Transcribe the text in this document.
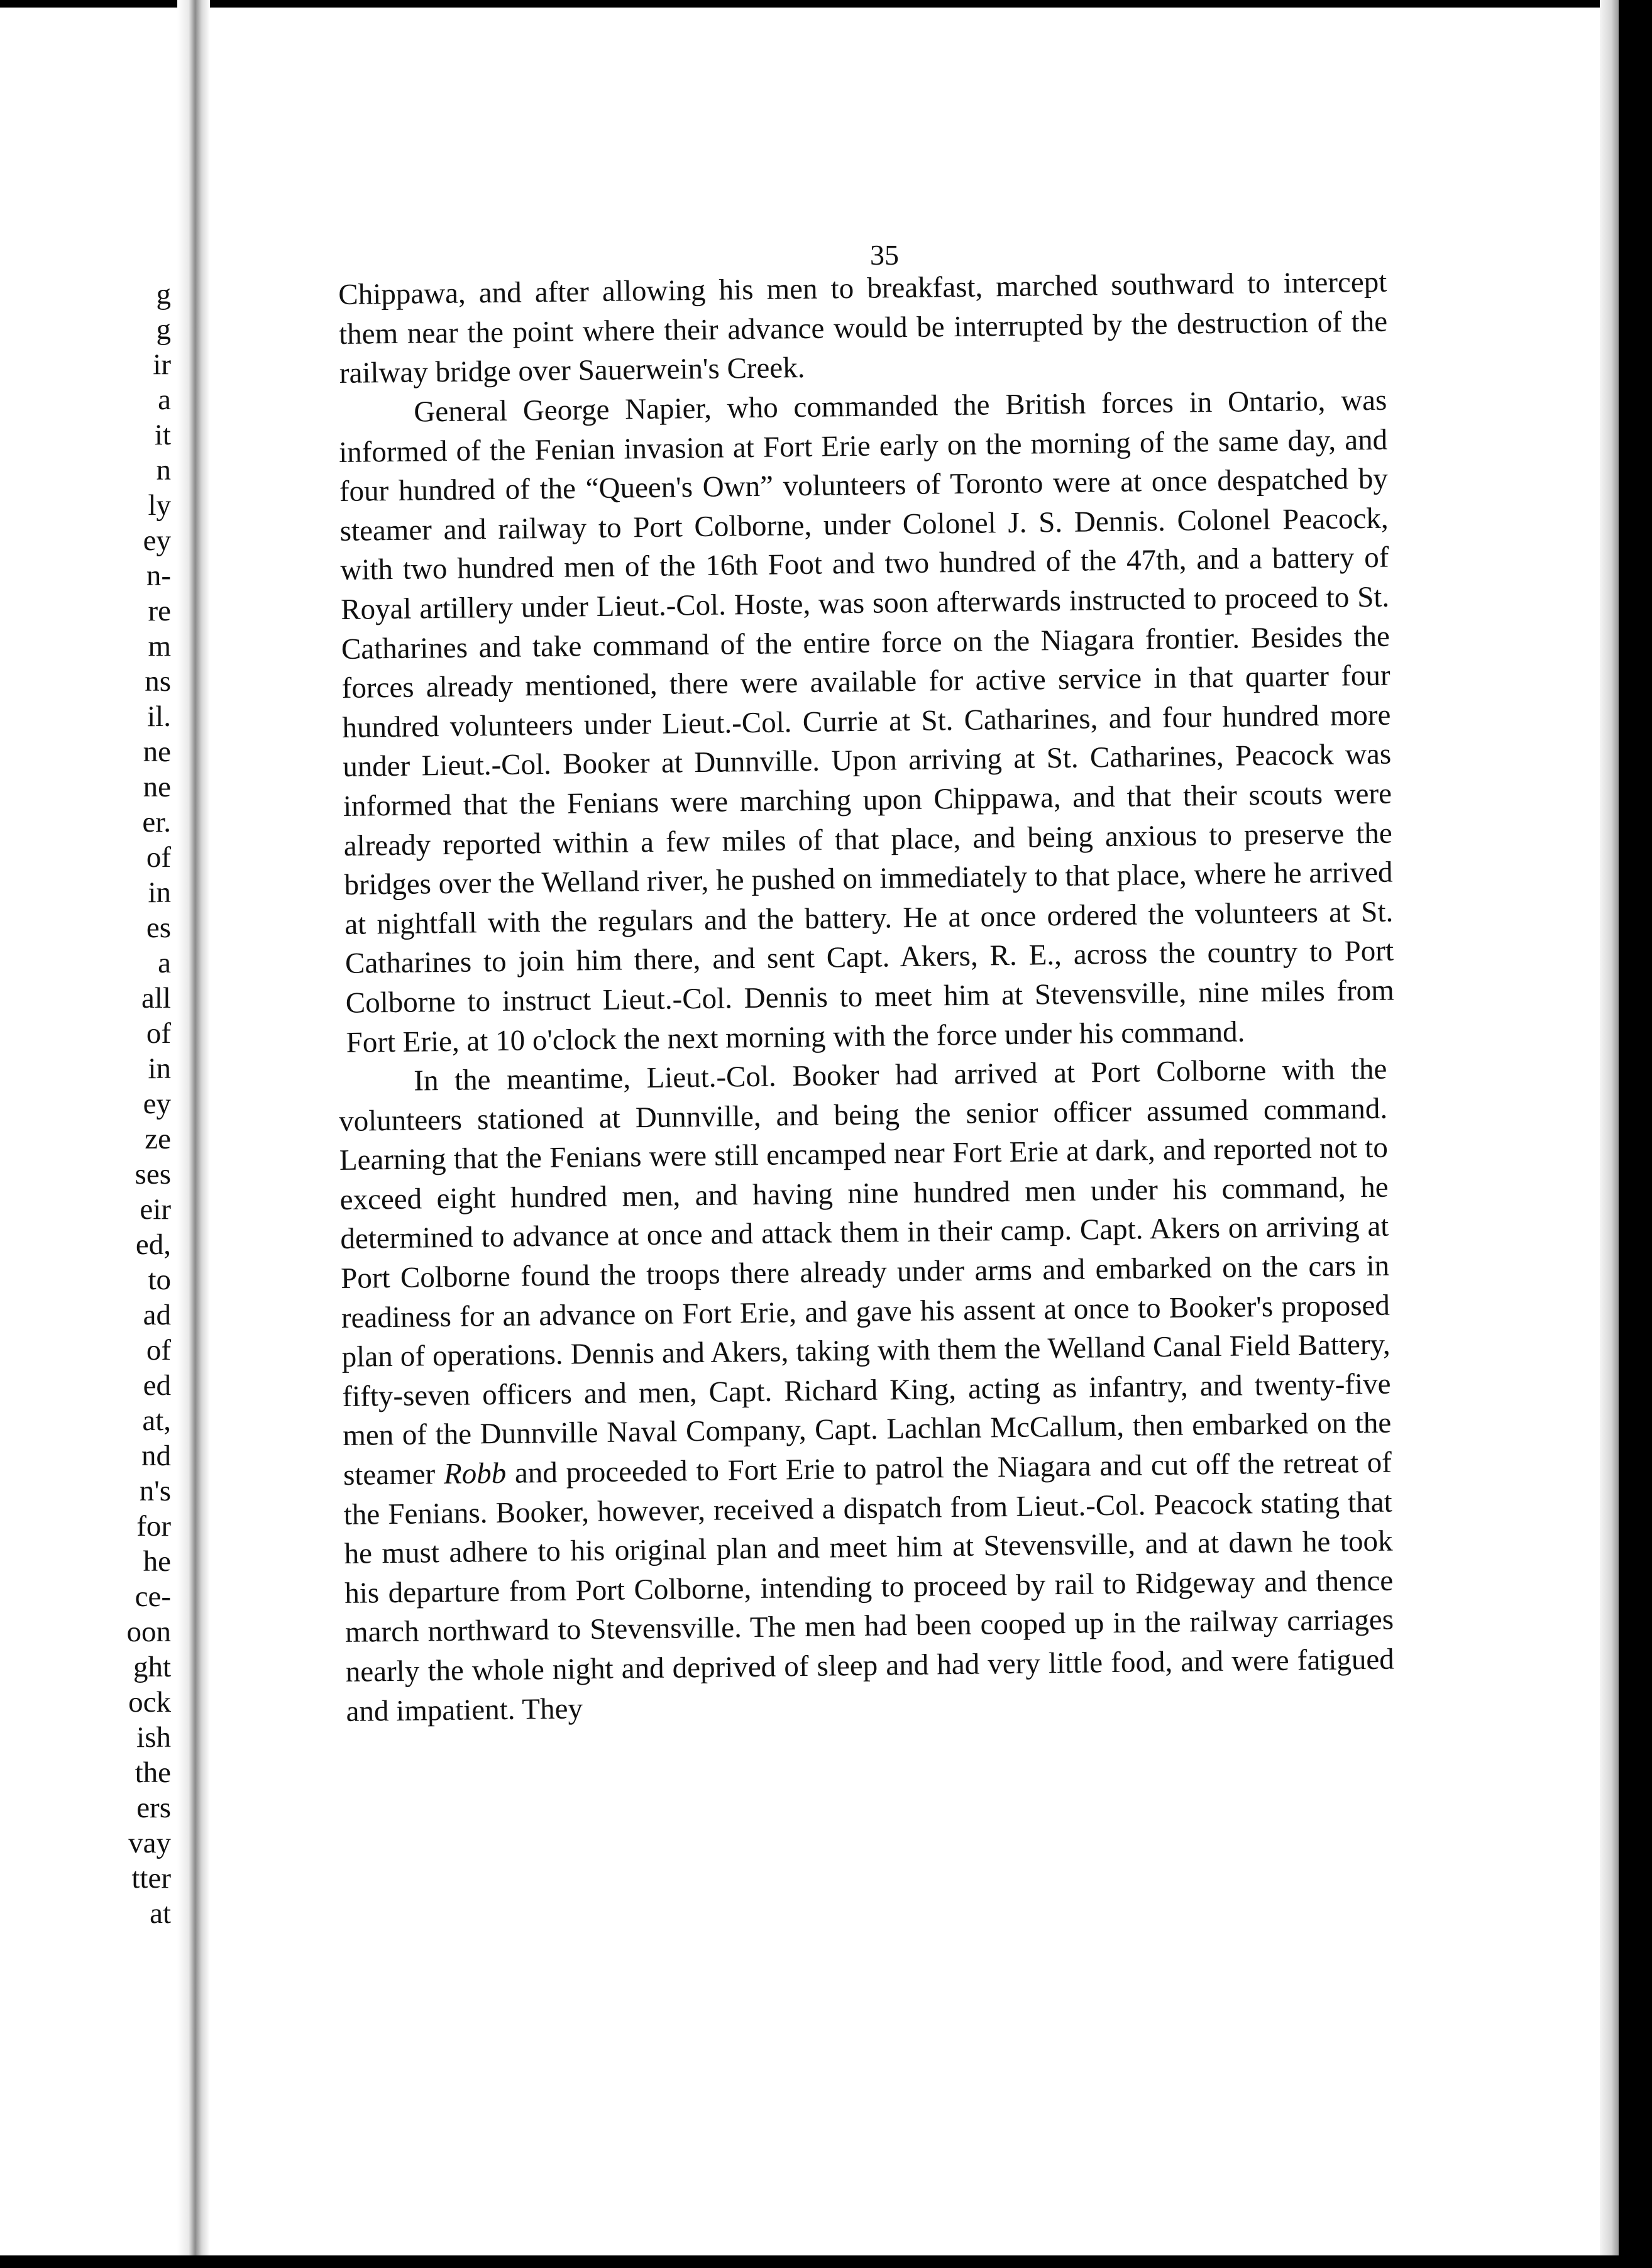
g
g
ir
a
it
n
ly
ey
n-
re
m
ns
il.
ne
ne
er.
of
in
es
a
all
of
in
ey
ze
ses
eir
ed,
to
ad
of
ed
at,
nd
n's
for
he
ce-
oon
ght
ock
ish
the
ers
vay
tter
at
35

Chippawa, and after allowing his men to breakfast, marched southward to intercept them near the point where their advance would be interrupted by the destruction of the railway bridge over Sauerwein's Creek.

General George Napier, who commanded the British forces in Ontario, was informed of the Fenian invasion at Fort Erie early on the morning of the same day, and four hundred of the “Queen's Own” volunteers of Toronto were at once despatched by steamer and railway to Port Colborne, under Colonel J. S. Dennis. Colonel Peacock, with two hundred men of the 16th Foot and two hundred of the 47th, and a battery of Royal artillery under Lieut.-Col. Hoste, was soon afterwards instructed to proceed to St. Catharines and take command of the entire force on the Niagara frontier. Besides the forces already mentioned, there were available for active service in that quarter four hundred volunteers under Lieut.-Col. Currie at St. Catharines, and four hundred more under Lieut.-Col. Booker at Dunnville. Upon arriving at St. Catharines, Peacock was informed that the Fenians were marching upon Chippawa, and that their scouts were already reported within a few miles of that place, and being anxious to preserve the bridges over the Welland river, he pushed on immediately to that place, where he arrived at nightfall with the regulars and the battery. He at once ordered the volunteers at St. Catharines to join him there, and sent Capt. Akers, R. E., across the country to Port Colborne to instruct Lieut.-Col. Dennis to meet him at Stevensville, nine miles from Fort Erie, at 10 o'clock the next morning with the force under his command.

In the meantime, Lieut.-Col. Booker had arrived at Port Colborne with the volunteers stationed at Dunnville, and being the senior officer assumed command. Learning that the Fenians were still encamped near Fort Erie at dark, and reported not to exceed eight hundred men, and having nine hundred men under his command, he determined to advance at once and attack them in their camp. Capt. Akers on arriving at Port Colborne found the troops there already under arms and embarked on the cars in readiness for an advance on Fort Erie, and gave his assent at once to Booker's proposed plan of operations. Dennis and Akers, taking with them the Welland Canal Field Battery, fifty-seven officers and men, Capt. Richard King, acting as infantry, and twenty-five men of the Dunnville Naval Company, Capt. Lachlan McCallum, then embarked on the steamer Robb and proceeded to Fort Erie to patrol the Niagara and cut off the retreat of the Fenians. Booker, however, received a dispatch from Lieut.-Col. Peacock stating that he must adhere to his original plan and meet him at Stevensville, and at dawn he took his departure from Port Colborne, intending to proceed by rail to Ridgeway and thence march northward to Stevensville. The men had been cooped up in the railway carriages nearly the whole night and deprived of sleep and had very little food, and were fatigued and impatient. They
